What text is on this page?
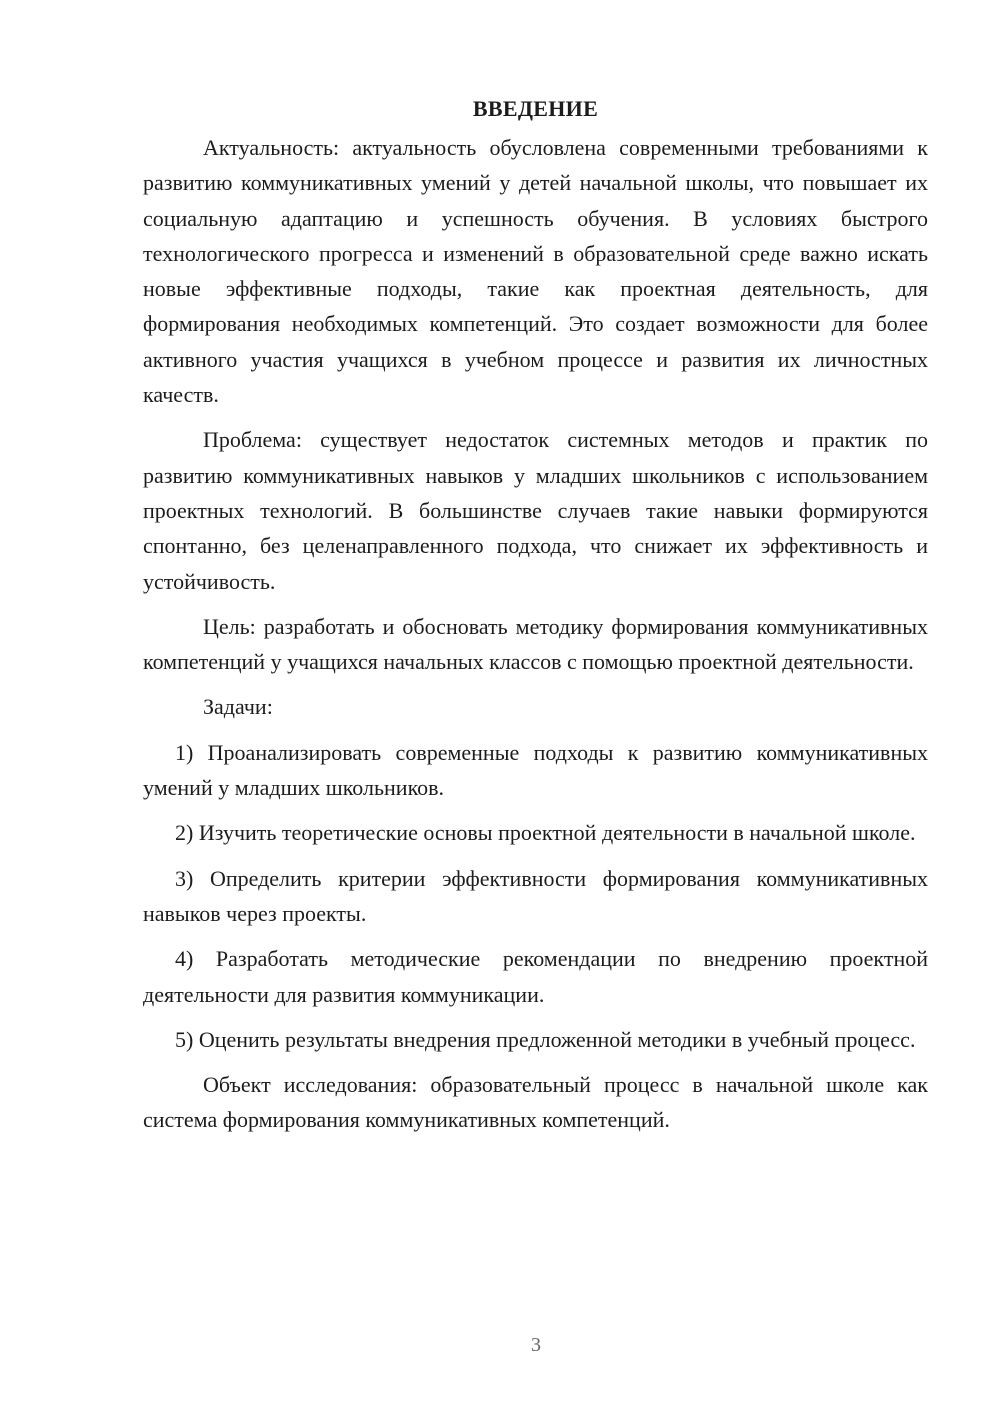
ВВЕДЕНИЕ

Актуальность: актуальность обусловлена современными требованиями к развитию коммуникативных умений у детей начальной школы, что повышает их социальную адаптацию и успешность обучения. В условиях быстрого технологического прогресса и изменений в образовательной среде важно искать новые эффективные подходы, такие как проектная деятельность, для формирования необходимых компетенций. Это создает возможности для более активного участия учащихся в учебном процессе и развития их личностных качеств.

Проблема: существует недостаток системных методов и практик по развитию коммуникативных навыков у младших школьников с использованием проектных технологий. В большинстве случаев такие навыки формируются спонтанно, без целенаправленного подхода, что снижает их эффективность и устойчивость.

Цель: разработать и обосновать методику формирования коммуникативных компетенций у учащихся начальных классов с помощью проектной деятельности.

Задачи:

1) Проанализировать современные подходы к развитию коммуникативных умений у младших школьников.

2) Изучить теоретические основы проектной деятельности в начальной школе.

3) Определить критерии эффективности формирования коммуникативных навыков через проекты.

4) Разработать методические рекомендации по внедрению проектной деятельности для развития коммуникации.

5) Оценить результаты внедрения предложенной методики в учебный процесс.

Объект исследования: образовательный процесс в начальной школе как система формирования коммуникативных компетенций.

3
